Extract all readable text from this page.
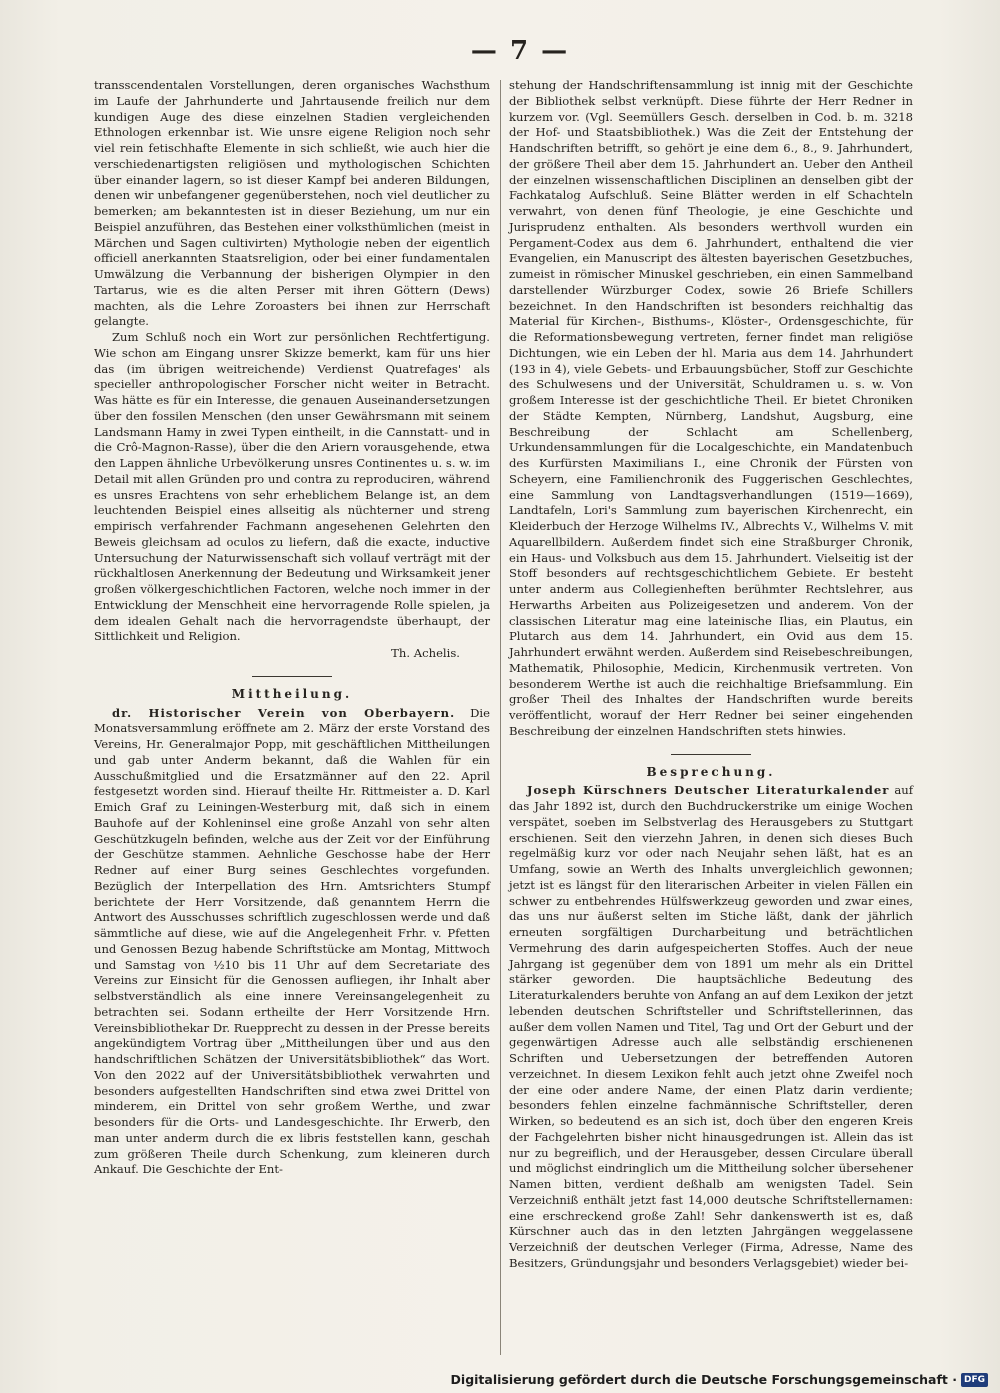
— 7 —

transscendentalen Vorstellungen, deren organisches Wachsthum im Laufe der Jahrhunderte und Jahrtausende freilich nur dem kundigen Auge des diese einzelnen Stadien vergleichenden Ethnologen erkennbar ist. Wie unsre eigene Religion noch sehr viel rein fetischhafte Elemente in sich schließt, wie auch hier die verschiedenartigsten religiösen und mythologischen Schichten über einander lagern, so ist dieser Kampf bei anderen Bildungen, denen wir unbefangener gegenüberstehen, noch viel deutlicher zu bemerken; am bekanntesten ist in dieser Beziehung, um nur ein Beispiel anzuführen, das Bestehen einer volksthümlichen (meist in Märchen und Sagen cultivirten) Mythologie neben der eigentlich officiell anerkannten Staatsreligion, oder bei einer fundamentalen Umwälzung die Verbannung der bisherigen Olympier in den Tartarus, wie es die alten Perser mit ihren Göttern (Dews) machten, als die Lehre Zoroasters bei ihnen zur Herrschaft gelangte.

Zum Schluß noch ein Wort zur persönlichen Rechtfertigung. Wie schon am Eingang unsrer Skizze bemerkt, kam für uns hier das (im übrigen weitreichende) Verdienst Quatrefages' als specieller anthropologischer Forscher nicht weiter in Betracht. Was hätte es für ein Interesse, die genauen Auseinandersetzungen über den fossilen Menschen (den unser Gewährsmann mit seinem Landsmann Hamy in zwei Typen eintheilt, in die Cannstatt- und in die Crô-Magnon-Rasse), über die den Ariern vorausgehende, etwa den Lappen ähnliche Urbevölkerung unsres Continentes u. s. w. im Detail mit allen Gründen pro und contra zu reproduciren, während es unsres Erachtens von sehr erheblichem Belange ist, an dem leuchtenden Beispiel eines allseitig als nüchterner und streng empirisch verfahrender Fachmann angesehenen Gelehrten den Beweis gleichsam ad oculos zu liefern, daß die exacte, inductive Untersuchung der Naturwissenschaft sich vollauf verträgt mit der rückhaltlosen Anerkennung der Bedeutung und Wirksamkeit jener großen völkergeschichtlichen Factoren, welche noch immer in der Entwicklung der Menschheit eine hervorragende Rolle spielen, ja dem idealen Gehalt nach die hervorragendste überhaupt, der Sittlichkeit und Religion.

Th. Achelis.
Mittheilung.

dr. Historischer Verein von Oberbayern. Die Monatsversammlung eröffnete am 2. März der erste Vorstand des Vereins, Hr. Generalmajor Popp, mit geschäftlichen Mittheilungen und gab unter Anderm bekannt, daß die Wahlen für ein Ausschußmitglied und die Ersatzmänner auf den 22. April festgesetzt worden sind. Hierauf theilte Hr. Rittmeister a. D. Karl Emich Graf zu Leiningen-Westerburg mit, daß sich in einem Bauhofe auf der Kohleninsel eine große Anzahl von sehr alten Geschützkugeln befinden, welche aus der Zeit vor der Einführung der Geschütze stammen. Aehnliche Geschosse habe der Herr Redner auf einer Burg seines Geschlechtes vorgefunden. Bezüglich der Interpellation des Hrn. Amtsrichters Stumpf berichtete der Herr Vorsitzende, daß genanntem Herrn die Antwort des Ausschusses schriftlich zugeschlossen werde und daß sämmtliche auf diese, wie auf die Angelegenheit Frhr. v. Pfetten und Genossen Bezug habende Schriftstücke am Montag, Mittwoch und Samstag von ½10 bis 11 Uhr auf dem Secretariate des Vereins zur Einsicht für die Genossen aufliegen, ihr Inhalt aber selbstverständlich als eine innere Vereinsangelegenheit zu betrachten sei. Sodann ertheilte der Herr Vorsitzende Hrn. Vereinsbibliothekar Dr. Ruepprecht zu dessen in der Presse bereits angekündigtem Vortrag über „Mittheilungen über und aus den handschriftlichen Schätzen der Universitätsbibliothek“ das Wort. Von den 2022 auf der Universitätsbibliothek verwahrten und besonders aufgestellten Handschriften sind etwa zwei Drittel von minderem, ein Drittel von sehr großem Werthe, und zwar besonders für die Orts- und Landesgeschichte. Ihr Erwerb, den man unter anderm durch die ex libris feststellen kann, geschah zum größeren Theile durch Schenkung, zum kleineren durch Ankauf. Die Geschichte der Ent-

stehung der Handschriftensammlung ist innig mit der Geschichte der Bibliothek selbst verknüpft. Diese führte der Herr Redner in kurzem vor. (Vgl. Seemüllers Gesch. derselben in Cod. b. m. 3218 der Hof- und Staatsbibliothek.) Was die Zeit der Entstehung der Handschriften betrifft, so gehört je eine dem 6., 8., 9. Jahrhundert, der größere Theil aber dem 15. Jahrhundert an. Ueber den Antheil der einzelnen wissenschaftlichen Disciplinen an denselben gibt der Fachkatalog Aufschluß. Seine Blätter werden in elf Schachteln verwahrt, von denen fünf Theologie, je eine Geschichte und Jurisprudenz enthalten. Als besonders werthvoll wurden ein Pergament-Codex aus dem 6. Jahrhundert, enthaltend die vier Evangelien, ein Manuscript des ältesten bayerischen Gesetzbuches, zumeist in römischer Minuskel geschrieben, ein einen Sammelband darstellender Würzburger Codex, sowie 26 Briefe Schillers bezeichnet. In den Handschriften ist besonders reichhaltig das Material für Kirchen-, Bisthums-, Klöster-, Ordensgeschichte, für die Reformationsbewegung vertreten, ferner findet man religiöse Dichtungen, wie ein Leben der hl. Maria aus dem 14. Jahrhundert (193 in 4), viele Gebets- und Erbauungsbücher, Stoff zur Geschichte des Schulwesens und der Universität, Schuldramen u. s. w. Von großem Interesse ist der geschichtliche Theil. Er bietet Chroniken der Städte Kempten, Nürnberg, Landshut, Augsburg, eine Beschreibung der Schlacht am Schellenberg, Urkundensammlungen für die Localgeschichte, ein Mandatenbuch des Kurfürsten Maximilians I., eine Chronik der Fürsten von Scheyern, eine Familienchronik des Fuggerischen Geschlechtes, eine Sammlung von Landtagsverhandlungen (1519—1669), Landtafeln, Lori's Sammlung zum bayerischen Kirchenrecht, ein Kleiderbuch der Herzoge Wilhelms IV., Albrechts V., Wilhelms V. mit Aquarellbildern. Außerdem findet sich eine Straßburger Chronik, ein Haus- und Volksbuch aus dem 15. Jahrhundert. Vielseitig ist der Stoff besonders auf rechtsgeschichtlichem Gebiete. Er besteht unter anderm aus Collegienheften berühmter Rechtslehrer, aus Herwarths Arbeiten aus Polizeigesetzen und anderem. Von der classischen Literatur mag eine lateinische Ilias, ein Plautus, ein Plutarch aus dem 14. Jahrhundert, ein Ovid aus dem 15. Jahrhundert erwähnt werden. Außerdem sind Reisebeschreibungen, Mathematik, Philosophie, Medicin, Kirchenmusik vertreten. Von besonderem Werthe ist auch die reichhaltige Briefsammlung. Ein großer Theil des Inhaltes der Handschriften wurde bereits veröffentlicht, worauf der Herr Redner bei seiner eingehenden Beschreibung der einzelnen Handschriften stets hinwies.

Besprechung.

Joseph Kürschners Deutscher Literaturkalender auf das Jahr 1892 ist, durch den Buchdruckerstrike um einige Wochen verspätet, soeben im Selbstverlag des Herausgebers zu Stuttgart erschienen. Seit den vierzehn Jahren, in denen sich dieses Buch regelmäßig kurz vor oder nach Neujahr sehen läßt, hat es an Umfang, sowie an Werth des Inhalts unvergleichlich gewonnen; jetzt ist es längst für den literarischen Arbeiter in vielen Fällen ein schwer zu entbehrendes Hülfswerkzeug geworden und zwar eines, das uns nur äußerst selten im Stiche läßt, dank der jährlich erneuten sorgfältigen Durcharbeitung und beträchtlichen Vermehrung des darin aufgespeicherten Stoffes. Auch der neue Jahrgang ist gegenüber dem von 1891 um mehr als ein Drittel stärker geworden. Die hauptsächliche Bedeutung des Literaturkalenders beruhte von Anfang an auf dem Lexikon der jetzt lebenden deutschen Schriftsteller und Schriftstellerinnen, das außer dem vollen Namen und Titel, Tag und Ort der Geburt und der gegenwärtigen Adresse auch alle selbständig erschienenen Schriften und Uebersetzungen der betreffenden Autoren verzeichnet. In diesem Lexikon fehlt auch jetzt ohne Zweifel noch der eine oder andere Name, der einen Platz darin verdiente; besonders fehlen einzelne fachmännische Schriftsteller, deren Wirken, so bedeutend es an sich ist, doch über den engeren Kreis der Fachgelehrten bisher nicht hinausgedrungen ist. Allein das ist nur zu begreiflich, und der Herausgeber, dessen Circulare überall und möglichst eindringlich um die Mittheilung solcher übersehener Namen bitten, verdient deßhalb am wenigsten Tadel. Sein Verzeichniß enthält jetzt fast 14,000 deutsche Schriftstellernamen: eine erschreckend große Zahl! Sehr dankenswerth ist es, daß Kürschner auch das in den letzten Jahrgängen weggelassene Verzeichniß der deutschen Verleger (Firma, Adresse, Name des Besitzers, Gründungsjahr und besonders Verlagsgebiet) wieder bei-

Digitalisierung gefördert durch die Deutsche Forschungsgemeinschaft · DFG
